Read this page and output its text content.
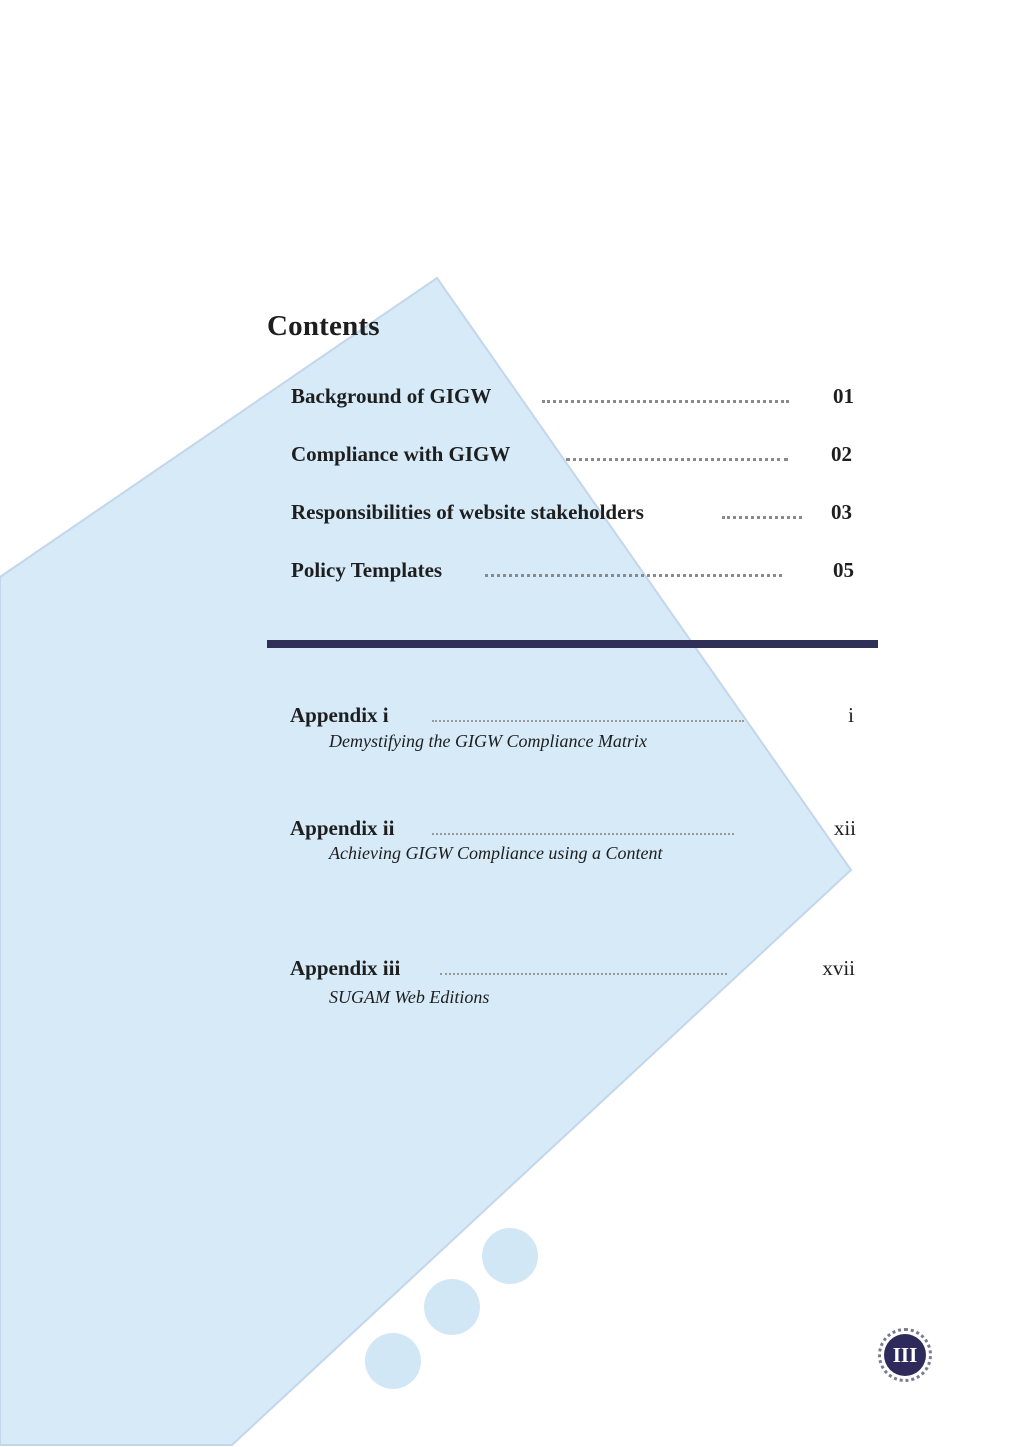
Contents
Background of GIGW	01
Compliance with GIGW	02
Responsibilities of website stakeholders	03
Policy Templates	05
Appendix i	i
Demystifying the GIGW Compliance Matrix
Appendix ii	xii
Achieving GIGW Compliance using a Content
Appendix iii	xvii
SUGAM Web Editions
III
